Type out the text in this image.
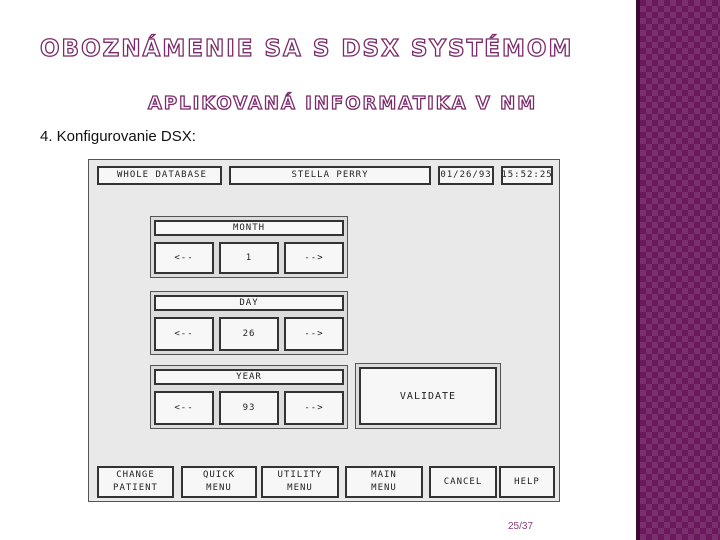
OBOZNÁMENIE SA S DSX SYSTÉMOM
APLIKOVANÁ INFORMATIKA V NM
4. Konfigurovanie DSX:
WHOLE DATABASE	STELLA PERRY	01/26/93 15:52:25
MONTH
<--	1	-->
DAY
<--	26	-->
YEAR
<--	93	-->
VALIDATE
CHANGE
PATIENT
QUICK
MENU
UTILITY
MENU
MAIN
MENU
CANCEL	HELP
25/37
